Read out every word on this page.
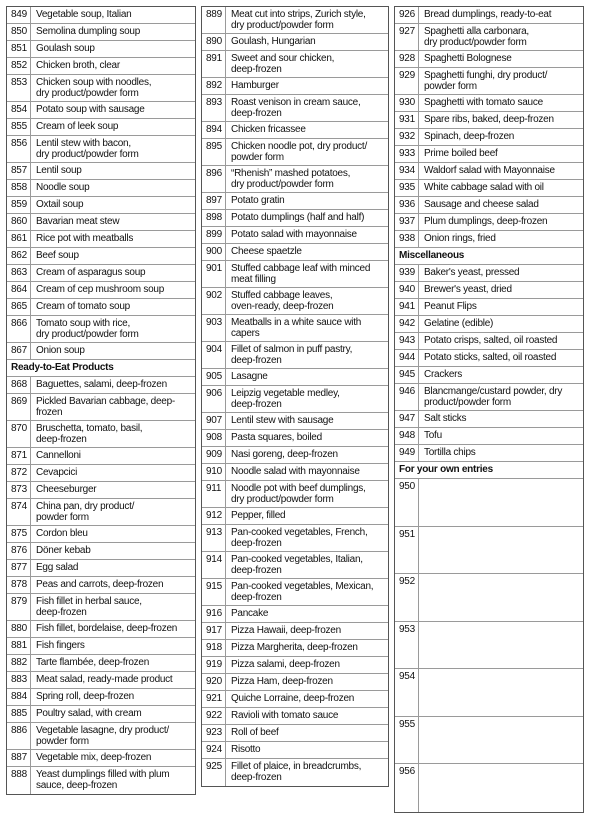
849 Vegetable soup, Italian
850 Semolina dumpling soup
851 Goulash soup
852 Chicken broth, clear
853 Chicken soup with noodles,
dry product/powder form
854 Potato soup with sausage
855 Cream of leek soup
856 Lentil stew with bacon,
dry product/powder form
857 Lentil soup
858 Noodle soup
859 Oxtail soup
860 Bavarian meat stew
861 Rice pot with meatballs
862 Beef soup
863 Cream of asparagus soup
864 Cream of cep mushroom soup
865 Cream of tomato soup
866 Tomato soup with rice,
dry product/powder form
867 Onion soup
Ready-to-Eat Products
868 Baguettes, salami, deep-frozen
869 Pickled Bavarian cabbage, deep-
frozen
870 Bruschetta, tomato, basil,
deep-frozen
871 Cannelloni
872 Cevapcici
873 Cheeseburger
874 China pan, dry product/
powder form
875 Cordon bleu
876 Döner kebab
877 Egg salad
878 Peas and carrots, deep-frozen
879 Fish fillet in herbal sauce,
deep-frozen
880 Fish fillet, bordelaise, deep-frozen
881 Fish fingers
882 Tarte flambée, deep-frozen
883 Meat salad, ready-made product
884 Spring roll, deep-frozen
885 Poultry salad, with cream
886 Vegetable lasagne, dry product/
powder form
887 Vegetable mix, deep-frozen
888 Yeast dumplings filled with plum
sauce, deep-frozen
889 Meat cut into strips, Zurich style,
dry product/powder form
890 Goulash, Hungarian
891 Sweet and sour chicken,
deep-frozen
892 Hamburger
893 Roast venison in cream sauce,
deep-frozen
894 Chicken fricassee
895 Chicken noodle pot, dry product/
powder form
896 “Rhenish” mashed potatoes,
dry product/powder form
897 Potato gratin
898 Potato dumplings (half and half)
899 Potato salad with mayonnaise
900 Cheese spaetzle
901 Stuffed cabbage leaf with minced
meat filling
902 Stuffed cabbage leaves,
oven-ready, deep-frozen
903 Meatballs in a white sauce with
capers
904 Fillet of salmon in puff pastry,
deep-frozen
905 Lasagne
906 Leipzig vegetable medley,
deep-frozen
907 Lentil stew with sausage
908 Pasta squares, boiled
909 Nasi goreng, deep-frozen
910 Noodle salad with mayonnaise
911 Noodle pot with beef dumplings,
dry product/powder form
912 Pepper, filled
913 Pan-cooked vegetables, French,
deep-frozen
914 Pan-cooked vegetables, Italian,
deep-frozen
915 Pan-cooked vegetables, Mexican,
deep-frozen
916 Pancake
917 Pizza Hawaii, deep-frozen
918 Pizza Margherita, deep-frozen
919 Pizza salami, deep-frozen
920 Pizza Ham, deep-frozen
921 Quiche Lorraine, deep-frozen
922 Ravioli with tomato sauce
923 Roll of beef
924 Risotto
925 Fillet of plaice, in breadcrumbs,
deep-frozen
926 Bread dumplings, ready-to-eat
927 Spaghetti alla carbonara,
dry product/powder form
928 Spaghetti Bolognese
929 Spaghetti funghi, dry product/
powder form
930 Spaghetti with tomato sauce
931 Spare ribs, baked, deep-frozen
932 Spinach, deep-frozen
933 Prime boiled beef
934 Waldorf salad with Mayonnaise
935 White cabbage salad with oil
936 Sausage and cheese salad
937 Plum dumplings, deep-frozen
938 Onion rings, fried
Miscellaneous
939 Baker's yeast, pressed
940 Brewer's yeast, dried
941 Peanut Flips
942 Gelatine (edible)
943 Potato crisps, salted, oil roasted
944 Potato sticks, salted, oil roasted
945 Crackers
946 Blancmange/custard powder, dry
product/powder form
947 Salt sticks
948 Tofu
949 Tortilla chips
For your own entries
950
951
952
953
954
955
956
